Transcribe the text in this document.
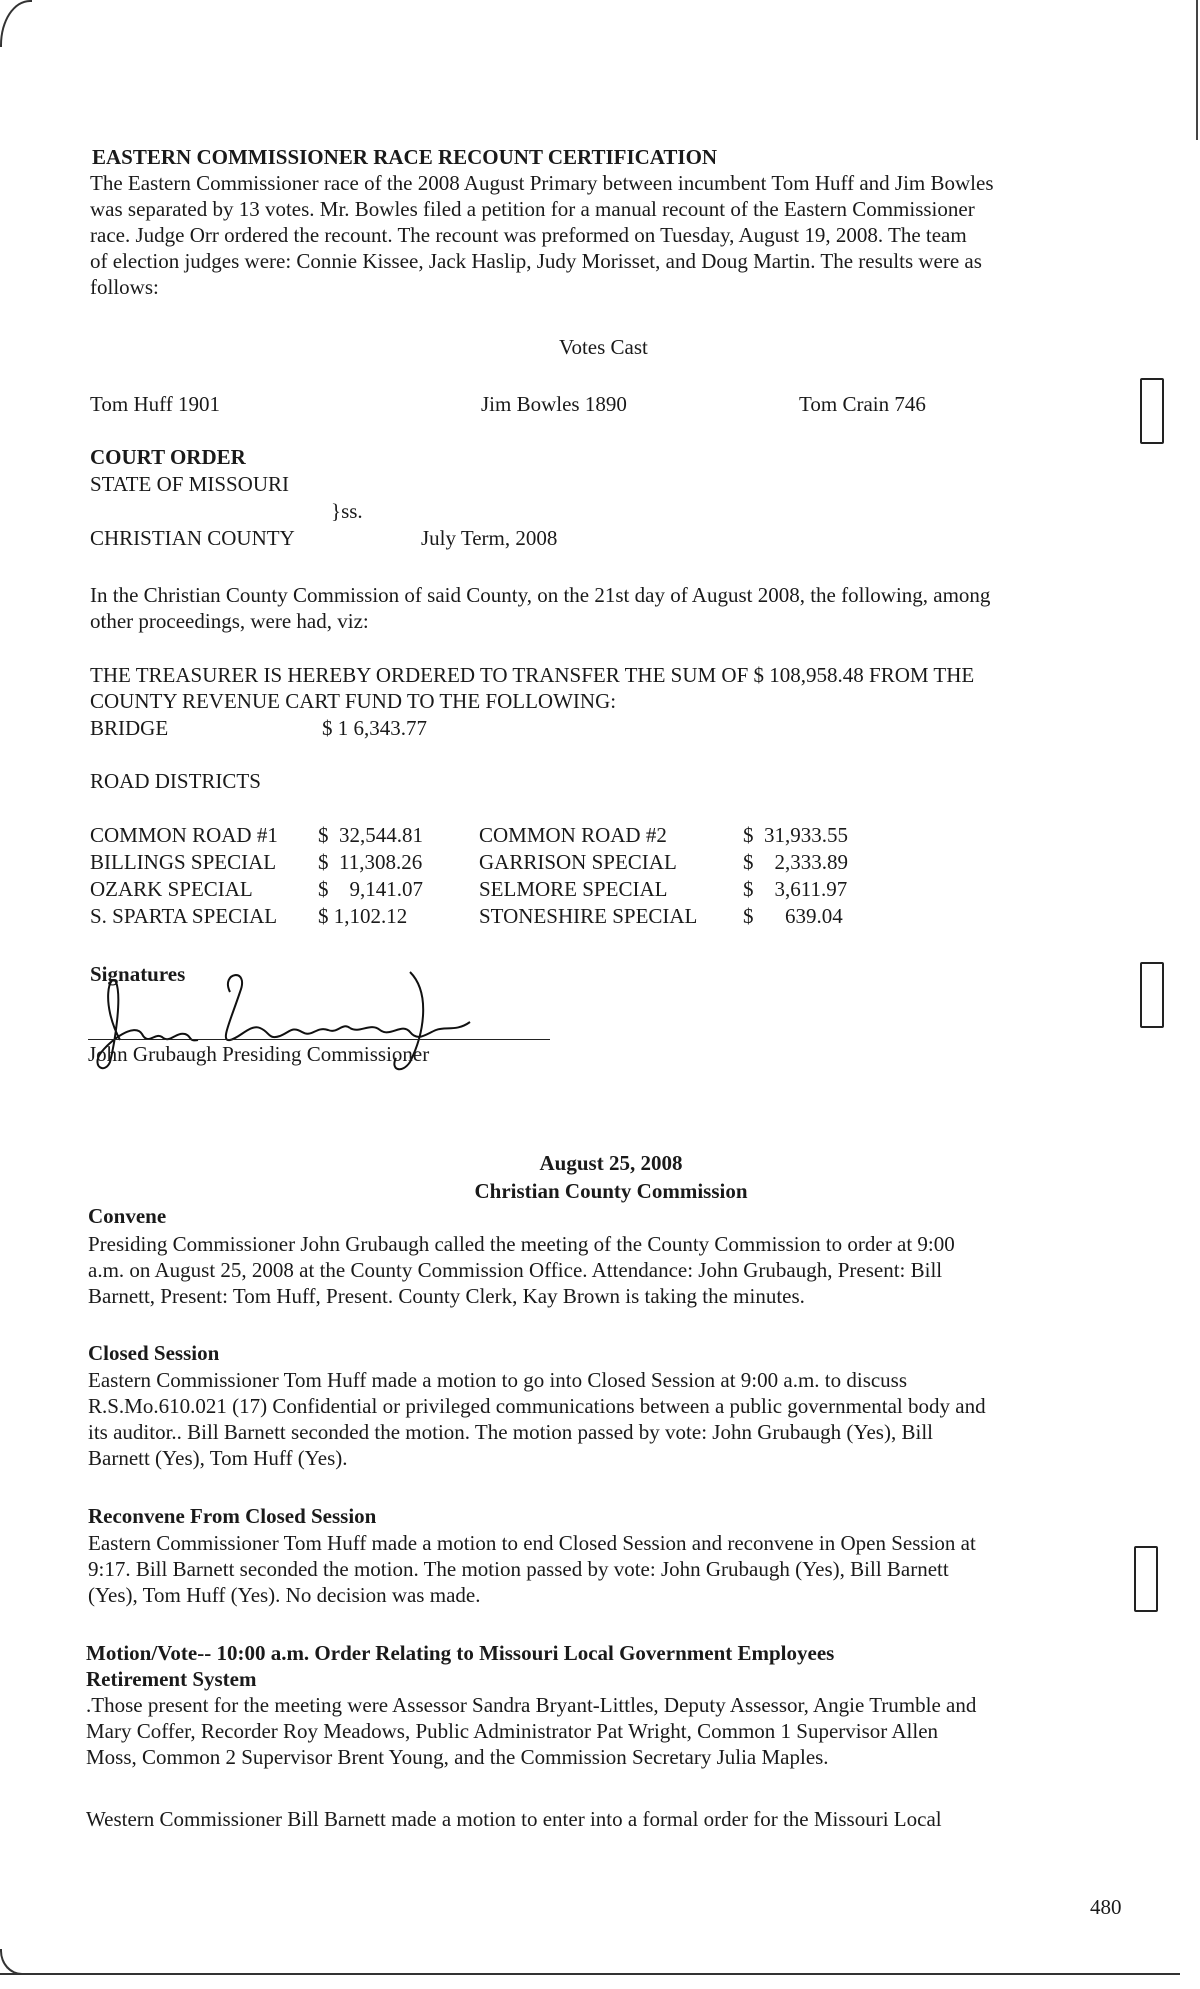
EASTERN COMMISSIONER RACE RECOUNT CERTIFICATION

The Eastern Commissioner race of the 2008 August Primary between incumbent Tom Huff and Jim Bowles

was separated by 13 votes. Mr. Bowles filed a petition for a manual recount of the Eastern Commissioner

race. Judge Orr ordered the recount. The recount was preformed on Tuesday, August 19, 2008. The team

of election judges were: Connie Kissee, Jack Haslip, Judy Morisset, and Doug Martin. The results were as

follows:

Votes Cast
Tom Huff 1901	Jim Bowles 1890	Tom Crain 746
COURT ORDER
STATE OF MISSOURI
}ss.
CHRISTIAN COUNTY	July Term, 2008

In the Christian County Commission of said County, on the 21st day of August 2008, the following, among

other proceedings, were had, viz:

THE TREASURER IS HEREBY ORDERED TO TRANSFER THE SUM OF $ 108,958.48 FROM THE

COUNTY REVENUE CART FUND TO THE FOLLOWING:

BRIDGE	$ 1 6,343.77
ROAD DISTRICTS
COMMON ROAD #1	$  32,544.81	COMMON ROAD #2	$  31,933.55
BILLINGS SPECIAL	$  11,308.26	GARRISON SPECIAL	$    2,333.89
OZARK SPECIAL	$    9,141.07	SELMORE SPECIAL	$    3,611.97
S. SPARTA SPECIAL	$ 1,102.12	STONESHIRE SPECIAL	$      639.04
Signatures
John Grubaugh Presiding Commissioner
August 25, 2008
Christian County Commission
Convene

Presiding Commissioner John Grubaugh called the meeting of the County Commission to order at 9:00

a.m. on August 25, 2008 at the County Commission Office. Attendance: John Grubaugh, Present: Bill

Barnett, Present: Tom Huff, Present. County Clerk, Kay Brown is taking the minutes.

Closed Session

Eastern Commissioner Tom Huff made a motion to go into Closed Session at 9:00 a.m. to discuss

R.S.Mo.610.021 (17) Confidential or privileged communications between a public governmental body and

its auditor.. Bill Barnett seconded the motion. The motion passed by vote: John Grubaugh (Yes), Bill

Barnett (Yes), Tom Huff (Yes).

Reconvene From Closed Session

Eastern Commissioner Tom Huff made a motion to end Closed Session and reconvene in Open Session at

9:17. Bill Barnett seconded the motion. The motion passed by vote: John Grubaugh (Yes), Bill Barnett

(Yes), Tom Huff (Yes). No decision was made.

Motion/Vote-- 10:00 a.m. Order Relating to Missouri Local Government Employees

Retirement System

.Those present for the meeting were Assessor Sandra Bryant-Littles, Deputy Assessor, Angie Trumble and

Mary Coffer, Recorder Roy Meadows, Public Administrator Pat Wright, Common 1 Supervisor Allen

Moss, Common 2 Supervisor Brent Young, and the Commission Secretary Julia Maples.

Western Commissioner Bill Barnett made a motion to enter into a formal order for the Missouri Local
480
